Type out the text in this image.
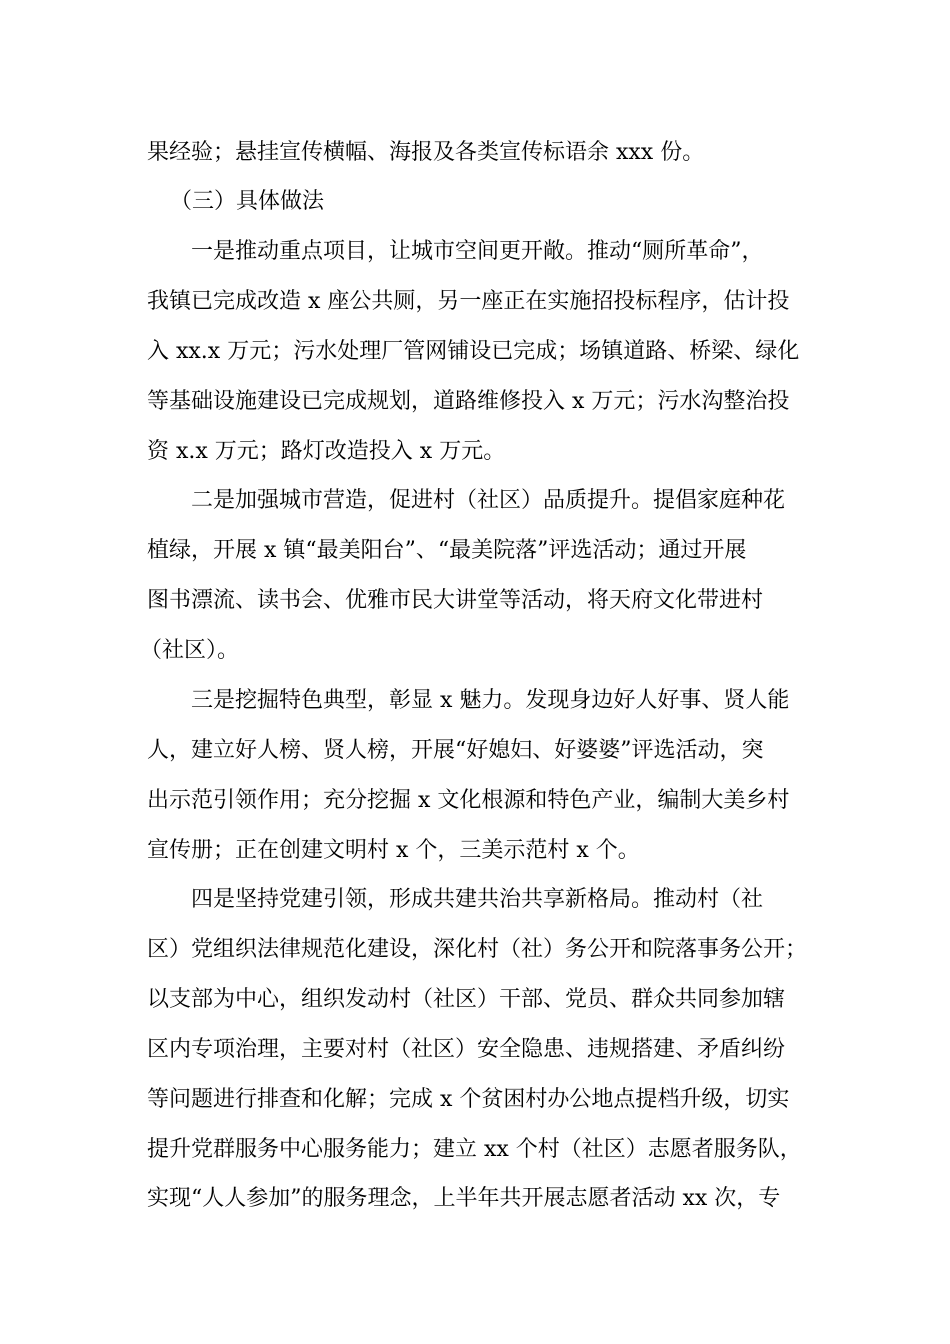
果经验；悬挂宣传横幅、海报及各类宣传标语余 xxx 份。
（三）具体做法
一是推动重点项目，让城市空间更开敞。推动“厕所革命”，
我镇已完成改造 x 座公共厕，另一座正在实施招投标程序，估计投
入 xx.x 万元；污水处理厂管网铺设已完成；场镇道路、桥梁、绿化
等基础设施建设已完成规划，道路维修投入 x 万元；污水沟整治投
资 x.x 万元；路灯改造投入 x 万元。
二是加强城市营造，促进村（社区）品质提升。提倡家庭种花
植绿，开展 x 镇“最美阳台”、“最美院落”评选活动；通过开展
图书漂流、读书会、优雅市民大讲堂等活动，将天府文化带进村
（社区）。
三是挖掘特色典型，彰显 x 魅力。发现身边好人好事、贤人能
人，建立好人榜、贤人榜，开展“好媳妇、好婆婆”评选活动，突
出示范引领作用；充分挖掘 x 文化根源和特色产业，编制大美乡村
宣传册；正在创建文明村 x 个，三美示范村 x 个。
四是坚持党建引领，形成共建共治共享新格局。推动村（社
区）党组织法律规范化建设，深化村（社）务公开和院落事务公开；
以支部为中心，组织发动村（社区）干部、党员、群众共同参加辖
区内专项治理，主要对村（社区）安全隐患、违规搭建、矛盾纠纷
等问题进行排查和化解；完成 x 个贫困村办公地点提档升级，切实
提升党群服务中心服务能力；建立 xx 个村（社区）志愿者服务队，
实现“人人参加”的服务理念，上半年共开展志愿者活动 xx 次，专
